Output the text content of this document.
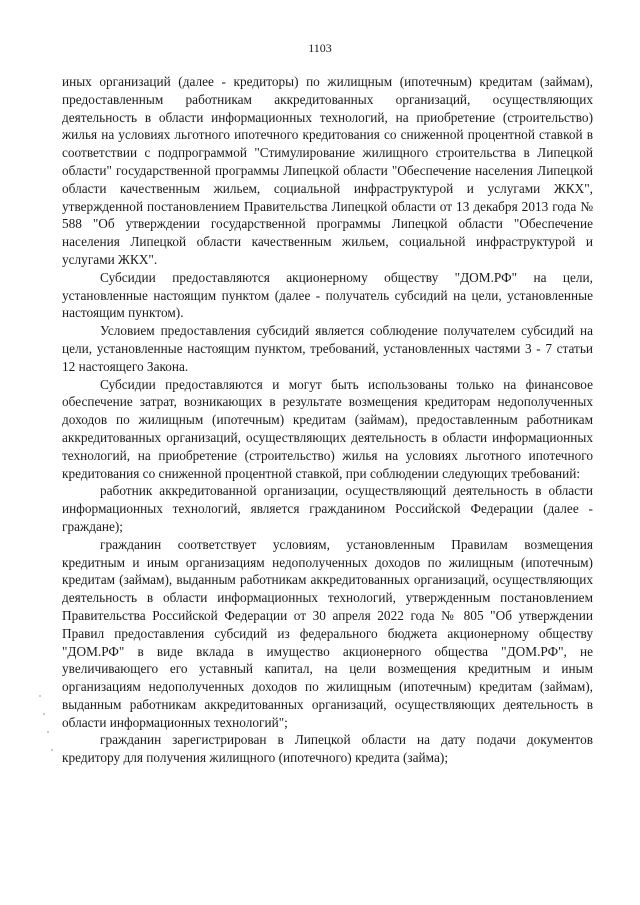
1103

иных организаций (далее - кредиторы) по жилищным (ипотечным) кредитам (займам), предоставленным работникам аккредитованных организаций, осуществляющих деятельность в области информационных технологий, на приобретение (строительство) жилья на условиях льготного ипотечного кредитования со сниженной процентной ставкой в соответствии с подпрограммой "Стимулирование жилищного строительства в Липецкой области" государственной программы Липецкой области "Обеспечение населения Липецкой области качественным жильем, социальной инфраструктурой и услугами ЖКХ", утвержденной постановлением Правительства Липецкой области от 13 декабря 2013 года № 588 "Об утверждении государственной программы Липецкой области "Обеспечение населения Липецкой области качественным жильем, социальной инфраструктурой и услугами ЖКХ".

Субсидии предоставляются акционерному обществу "ДОМ.РФ" на цели, установленные настоящим пунктом (далее - получатель субсидий на цели, установленные настоящим пунктом).

Условием предоставления субсидий является соблюдение получателем субсидий на цели, установленные настоящим пунктом, требований, установленных частями 3 - 7 статьи 12 настоящего Закона.

Субсидии предоставляются и могут быть использованы только на финансовое обеспечение затрат, возникающих в результате возмещения кредиторам недополученных доходов по жилищным (ипотечным) кредитам (займам), предоставленным работникам аккредитованных организаций, осуществляющих деятельность в области информационных технологий, на приобретение (строительство) жилья на условиях льготного ипотечного кредитования со сниженной процентной ставкой, при соблюдении следующих требований:

работник аккредитованной организации, осуществляющий деятельность в области информационных технологий, является гражданином Российской Федерации (далее - граждане);

гражданин соответствует условиям, установленным Правилам возмещения кредитным и иным организациям недополученных доходов по жилищным (ипотечным) кредитам (займам), выданным работникам аккредитованных организаций, осуществляющих деятельность в области информационных технологий, утвержденным постановлением Правительства Российской Федерации от 30 апреля 2022 года № 805 "Об утверждении Правил предоставления субсидий из федерального бюджета акционерному обществу "ДОМ.РФ" в виде вклада в имущество акционерного общества "ДОМ.РФ", не увеличивающего его уставный капитал, на цели возмещения кредитным и иным организациям недополученных доходов по жилищным (ипотечным) кредитам (займам), выданным работникам аккредитованных организаций, осуществляющих деятельность в области информационных технологий";

гражданин зарегистрирован в Липецкой области на дату подачи документов кредитору для получения жилищного (ипотечного) кредита (займа);
